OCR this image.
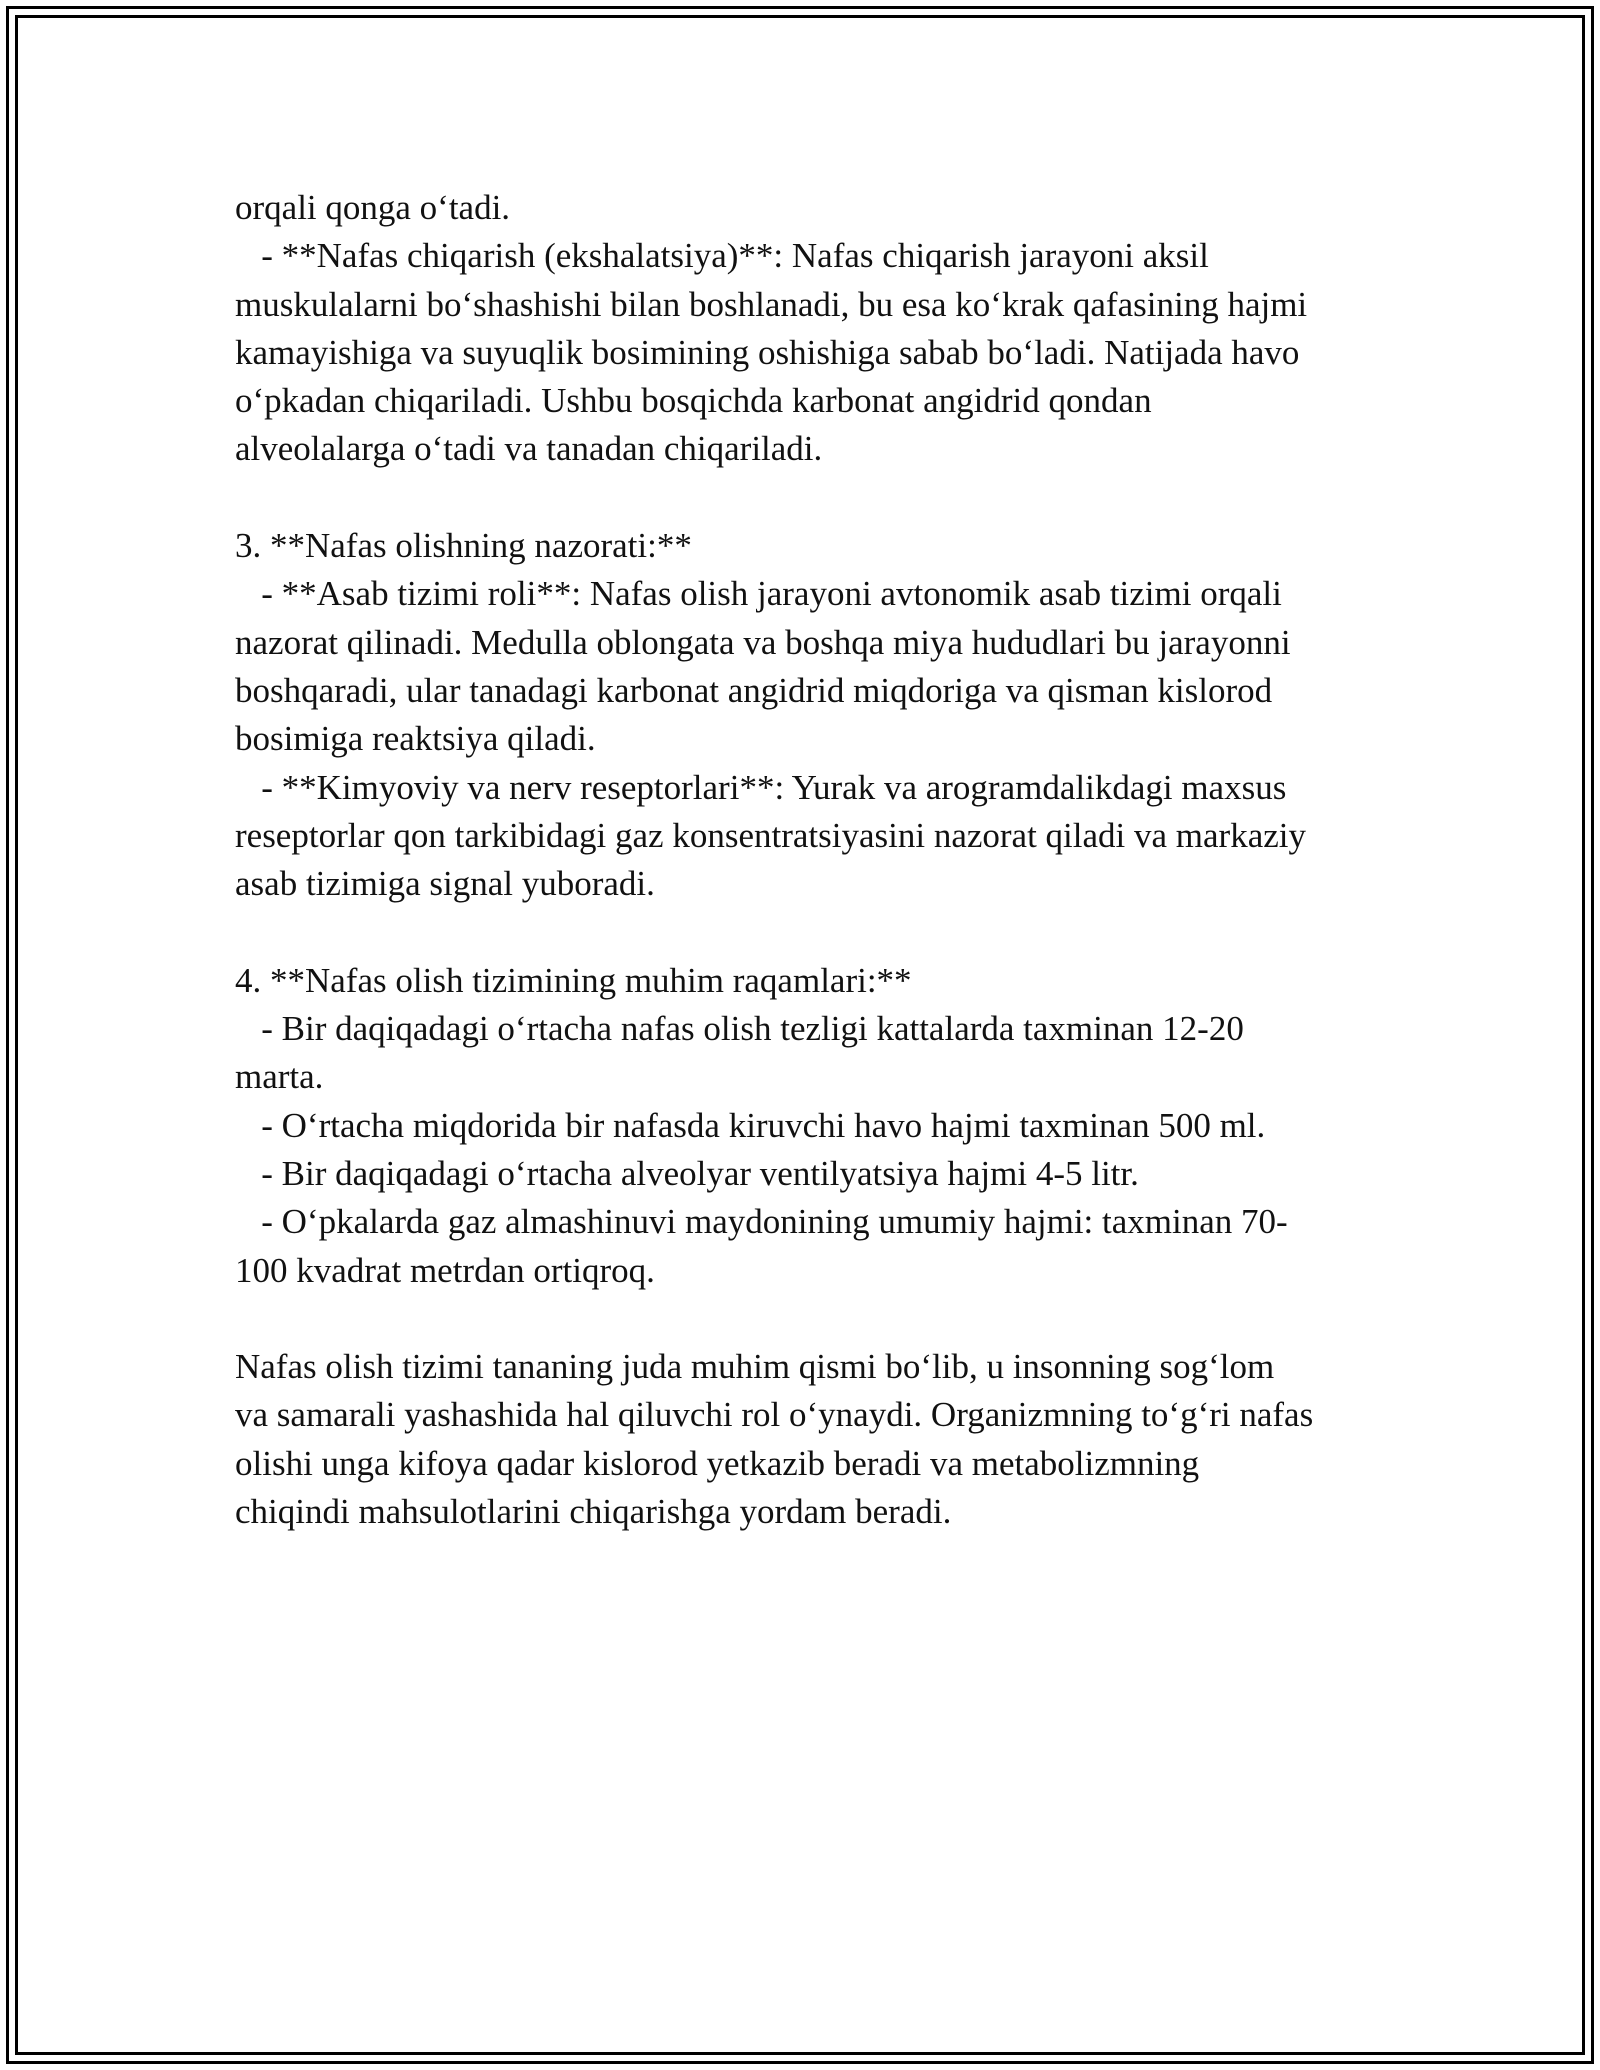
orqali qonga o‘tadi.
- **Nafas chiqarish (ekshalatsiya)**: Nafas chiqarish jarayoni aksil
muskulalarni bo‘shashishi bilan boshlanadi, bu esa ko‘krak qafasining hajmi
kamayishiga va suyuqlik bosimining oshishiga sabab bo‘ladi. Natijada havo
o‘pkadan chiqariladi. Ushbu bosqichda karbonat angidrid qondan
alveolalarga o‘tadi va tanadan chiqariladi.
3. **Nafas olishning nazorati:**
- **Asab tizimi roli**: Nafas olish jarayoni avtonomik asab tizimi orqali
nazorat qilinadi. Medulla oblongata va boshqa miya hududlari bu jarayonni
boshqaradi, ular tanadagi karbonat angidrid miqdoriga va qisman kislorod
bosimiga reaktsiya qiladi.
- **Kimyoviy va nerv reseptorlari**: Yurak va arogramdalikdagi maxsus
reseptorlar qon tarkibidagi gaz konsentratsiyasini nazorat qiladi va markaziy
asab tizimiga signal yuboradi.
4. **Nafas olish tizimining muhim raqamlari:**
- Bir daqiqadagi o‘rtacha nafas olish tezligi kattalarda taxminan 12-20
marta.
- O‘rtacha miqdorida bir nafasda kiruvchi havo hajmi taxminan 500 ml.
- Bir daqiqadagi o‘rtacha alveolyar ventilyatsiya hajmi 4-5 litr.
- O‘pkalarda gaz almashinuvi maydonining umumiy hajmi: taxminan 70-
100 kvadrat metrdan ortiqroq.
Nafas olish tizimi tananing juda muhim qismi bo‘lib, u insonning sog‘lom
va samarali yashashida hal qiluvchi rol o‘ynaydi. Organizmning to‘g‘ri nafas
olishi unga kifoya qadar kislorod yetkazib beradi va metabolizmning
chiqindi mahsulotlarini chiqarishga yordam beradi.
